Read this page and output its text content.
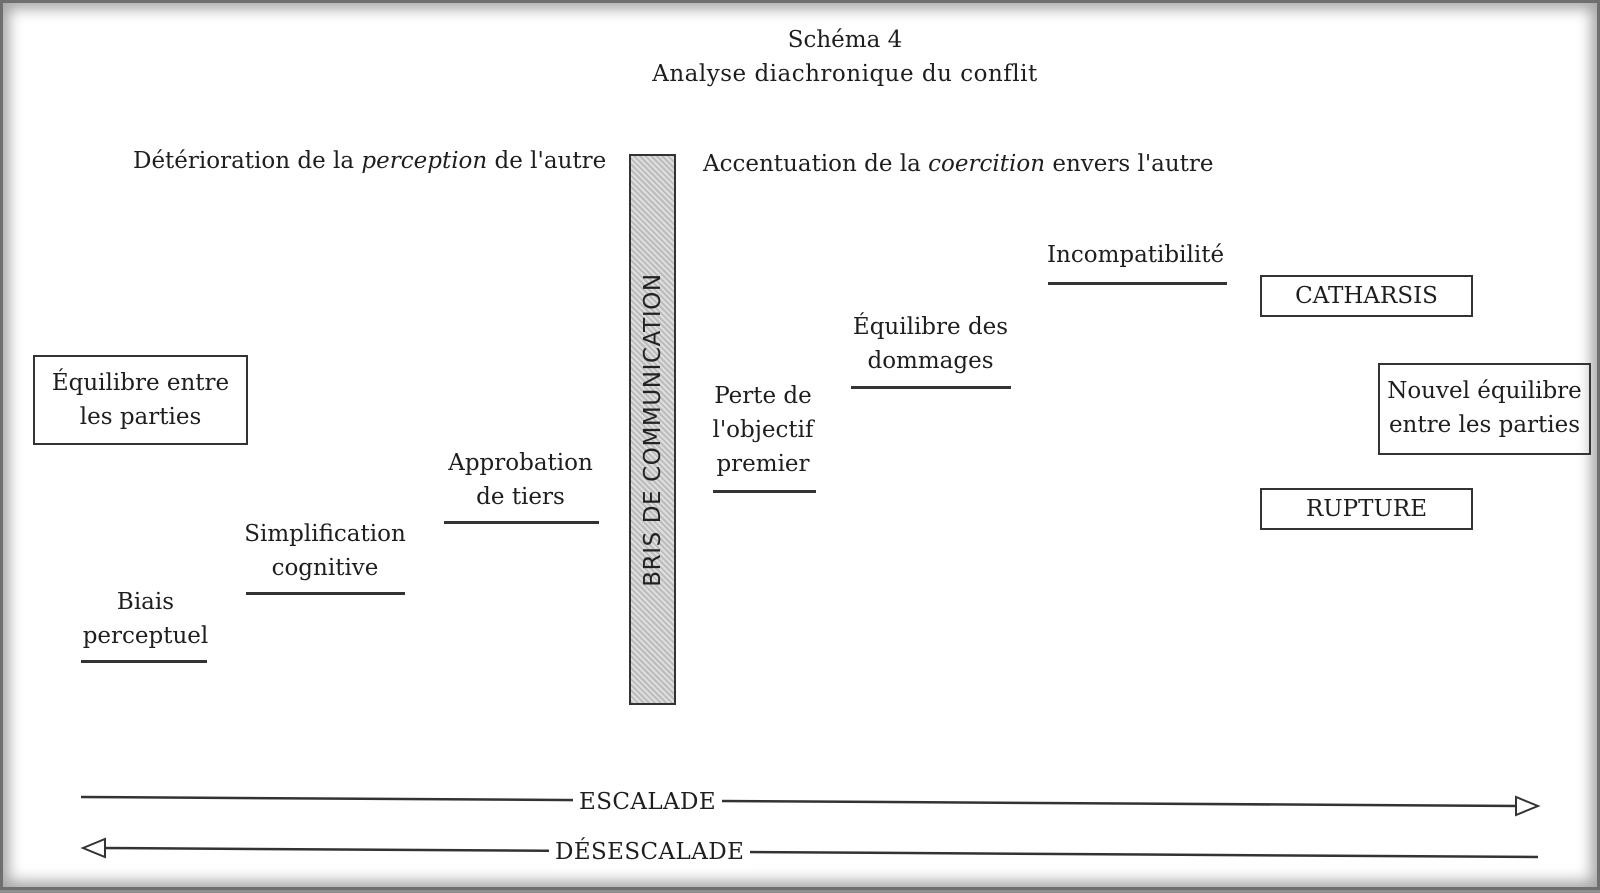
Schéma 4
Analyse diachronique du conflit
Détérioration de la perception de l'autre	Accentuation de la coercition envers l'autre
Équilibre entre
les parties
Biais
perceptuel
Simplification
cognitive
Approbation
de tiers	BRIS DE COMMUNICATION	Perte de
l'objectif
premier
Équilibre des
dommages
Incompatibilité
CATHARSIS
Nouvel équilibre
entre les parties
RUPTURE
ESCALADE
DÉSESCALADE
